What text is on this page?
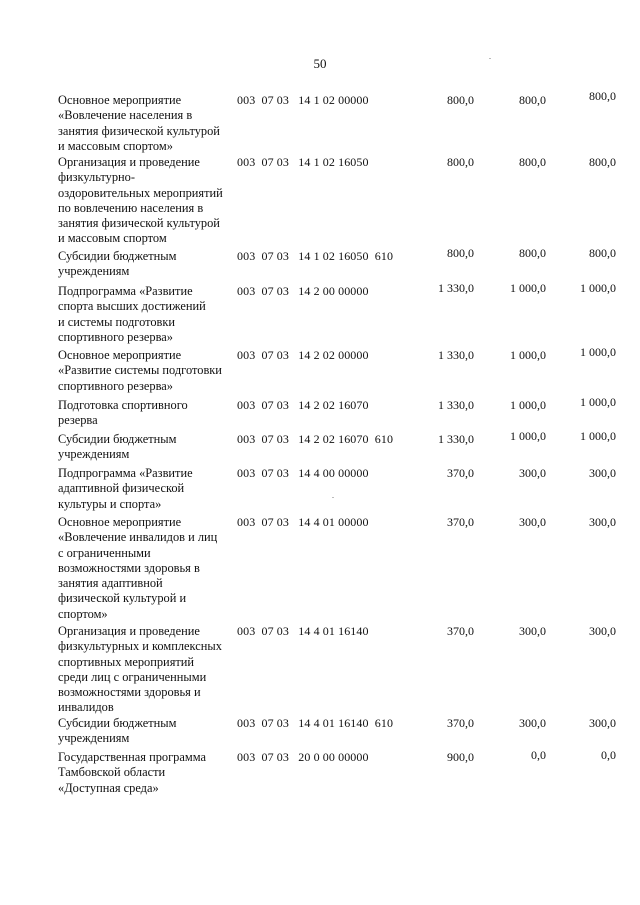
50
Основное мероприятие
«Вовлечение населения в
занятия физической культурой
и массовым спортом»
003  07 03   14 1 02 00000	800,0	800,0	800,0
Организация и проведение
физкультурно-
оздоровительных мероприятий
по вовлечению населения в
занятия физической культурой
и массовым спортом
003  07 03   14 1 02 16050	800,0	800,0	800,0
Субсидии бюджетным
учреждениям
003  07 03   14 1 02 16050  610	800,0	800,0	800,0
Подпрограмма «Развитие
спорта высших достижений
и системы подготовки
спортивного резерва»
003  07 03   14 2 00 00000	1 330,0	1 000,0	1 000,0
Основное мероприятие
«Развитие системы подготовки
спортивного резерва»
003  07 03   14 2 02 00000	1 330,0	1 000,0	1 000,0
Подготовка спортивного
резерва
003  07 03   14 2 02 16070	1 330,0	1 000,0	1 000,0
Субсидии бюджетным
учреждениям
003  07 03   14 2 02 16070  610	1 330,0	1 000,0	1 000,0
Подпрограмма «Развитие
адаптивной физической
культуры и спорта»
003  07 03   14 4 00 00000	370,0	300,0	300,0
Основное мероприятие
«Вовлечение инвалидов и лиц
с ограниченными
возможностями здоровья в
занятия адаптивной
физической культурой и
спортом»
003  07 03   14 4 01 00000	370,0	300,0	300,0
Организация и проведение
физкультурных и комплексных
спортивных мероприятий
среди лиц с ограниченными
возможностями здоровья и
инвалидов
003  07 03   14 4 01 16140	370,0	300,0	300,0
Субсидии бюджетным
учреждениям
003  07 03   14 4 01 16140  610	370,0	300,0	300,0
Государственная программа
Тамбовской области
«Доступная среда»
003  07 03   20 0 00 00000	900,0	0,0	0,0
